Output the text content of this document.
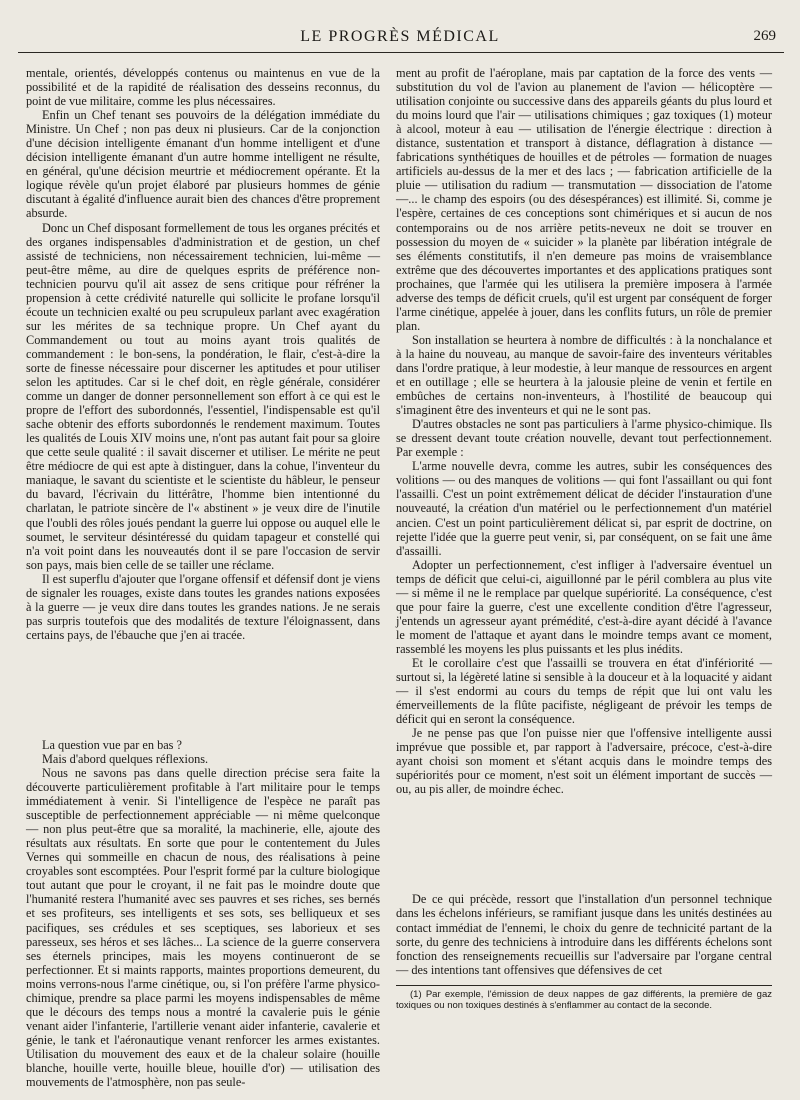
LE PROGRÈS MÉDICAL	269

mentale, orientés, développés contenus ou maintenus en vue de la possibilité et de la rapidité de réalisation des desseins reconnus, du point de vue militaire, comme les plus nécessaires.

Enfin un Chef tenant ses pouvoirs de la délégation immédiate du Ministre. Un Chef ; non pas deux ni plusieurs. Car de la conjonction d'une décision intelligente émanant d'un homme intelligent et d'une décision intelligente émanant d'un autre homme intelligent ne résulte, en général, qu'une décision meurtrie et médiocrement opérante. Et la logique révèle qu'un projet élaboré par plusieurs hommes de génie discutant à égalité d'influence aurait bien des chances d'être proprement absurde.

Donc un Chef disposant formellement de tous les organes précités et des organes indispensables d'administration et de gestion, un chef assisté de techniciens, non nécessairement technicien, lui-même — peut-être même, au dire de quelques esprits de préférence non-technicien pourvu qu'il ait assez de sens critique pour réfréner la propension à cette crédivité naturelle qui sollicite le profane lorsqu'il écoute un technicien exalté ou peu scrupuleux parlant avec exagération sur les mérites de sa technique propre. Un Chef ayant du Commandement ou tout au moins ayant trois qualités de commandement : le bon-sens, la pondération, le flair, c'est-à-dire la sorte de finesse nécessaire pour discerner les aptitudes et pour utiliser selon les aptitudes. Car si le chef doit, en règle générale, considérer comme un danger de donner personnellement son effort à ce qui est le propre de l'effort des subordonnés, l'essentiel, l'indispensable est qu'il sache obtenir des efforts subordonnés le rendement maximum. Toutes les qualités de Louis XIV moins une, n'ont pas autant fait pour sa gloire que cette seule qualité : il savait discerner et utiliser. Le mérite ne peut être médiocre de qui est apte à distinguer, dans la cohue, l'inventeur du maniaque, le savant du scientiste et le scientiste du hâbleur, le penseur du bavard, l'écrivain du littérâtre, l'homme bien intentionné du charlatan, le patriote sincère de l'« abstinent » je veux dire de l'inutile que l'oubli des rôles joués pendant la guerre lui oppose ou auquel elle le soumet, le serviteur désintéressé du quidam tapageur et constellé qui n'a voit point dans les nouveautés dont il se pare l'occasion de servir son pays, mais bien celle de se tailler une réclame.

Il est superflu d'ajouter que l'organe offensif et défensif dont je viens de signaler les rouages, existe dans toutes les grandes nations exposées à la guerre — je veux dire dans toutes les grandes nations. Je ne serais pas surpris toutefois que des modalités de texture l'éloignassent, dans certains pays, de l'ébauche que j'en ai tracée.

La question vue par en bas ?

Mais d'abord quelques réflexions.

Nous ne savons pas dans quelle direction précise sera faite la découverte particulièrement profitable à l'art militaire pour le temps immédiatement à venir. Si l'intelligence de l'espèce ne paraît pas susceptible de perfectionnement appréciable — ni même quelconque — non plus peut-être que sa moralité, la machinerie, elle, ajoute des résultats aux résultats. En sorte que pour le contentement du Jules Vernes qui sommeille en chacun de nous, des réalisations à peine croyables sont escomptées. Pour l'esprit formé par la culture biologique tout autant que pour le croyant, il ne fait pas le moindre doute que l'humanité restera l'humanité avec ses pauvres et ses riches, ses bernés et ses profiteurs, ses intelligents et ses sots, ses belliqueux et ses pacifiques, ses crédules et ses sceptiques, ses laborieux et ses paresseux, ses héros et ses lâches... La science de la guerre conservera ses éternels principes, mais les moyens continueront de se perfectionner. Et si maints rapports, maintes proportions demeurent, du moins verrons-nous l'arme cinétique, ou, si l'on préfère l'arme physico-chimique, prendre sa place parmi les moyens indispensables de même que le décours des temps nous a montré la cavalerie puis le génie venant aider l'infanterie, l'artillerie venant aider infanterie, cavalerie et génie, le tank et l'aéronautique venant renforcer les armes existantes. Utilisation du mouvement des eaux et de la chaleur solaire (houille blanche, houille verte, houille bleue, houille d'or) — utilisation des mouvements de l'atmosphère, non pas seule-

ment au profit de l'aéroplane, mais par captation de la force des vents — substitution du vol de l'avion au planement de l'avion — hélicoptère — utilisation conjointe ou successive dans des appareils géants du plus lourd et du moins lourd que l'air — utilisations chimiques ; gaz toxiques (1) moteur à alcool, moteur à eau — utilisation de l'énergie électrique : direction à distance, sustentation et transport à distance, déflagration à distance — fabrications synthétiques de houilles et de pétroles — formation de nuages artificiels au-dessus de la mer et des lacs ; — fabrication artificielle de la pluie — utilisation du radium — transmutation — dissociation de l'atome —... le champ des espoirs (ou des désespérances) est illimité. Si, comme je l'espère, certaines de ces conceptions sont chimériques et si aucun de nos contemporains ou de nos arrière petits-neveux ne doit se trouver en possession du moyen de « suicider » la planète par libération intégrale de ses éléments constitutifs, il n'en demeure pas moins de vraisemblance extrême que des découvertes importantes et des applications pratiques sont prochaines, que l'armée qui les utilisera la première imposera à l'armée adverse des temps de déficit cruels, qu'il est urgent par conséquent de forger l'arme cinétique, appelée à jouer, dans les conflits futurs, un rôle de premier plan.

Son installation se heurtera à nombre de difficultés : à la nonchalance et à la haine du nouveau, au manque de savoir-faire des inventeurs véritables dans l'ordre pratique, à leur modestie, à leur manque de ressources en argent et en outillage ; elle se heurtera à la jalousie pleine de venin et fertile en embûches de certains non-inventeurs, à l'hostilité de beaucoup qui s'imaginent être des inventeurs et qui ne le sont pas.

D'autres obstacles ne sont pas particuliers à l'arme physico-chimique. Ils se dressent devant toute création nouvelle, devant tout perfectionnement. Par exemple :

L'arme nouvelle devra, comme les autres, subir les conséquences des volitions — ou des manques de volitions — qui font l'assaillant ou qui font l'assailli. C'est un point extrêmement délicat de décider l'instauration d'une nouveauté, la création d'un matériel ou le perfectionnement d'un matériel ancien. C'est un point particulièrement délicat si, par esprit de doctrine, on rejette l'idée que la guerre peut venir, si, par conséquent, on se fait une âme d'assailli.

Adopter un perfectionnement, c'est infliger à l'adversaire éventuel un temps de déficit que celui-ci, aiguillonné par le péril comblera au plus vite — si même il ne le remplace par quelque supériorité. La conséquence, c'est que pour faire la guerre, c'est une excellente condition d'être l'agresseur, j'entends un agresseur ayant prémédité, c'est-à-dire ayant décidé à l'avance le moment de l'attaque et ayant dans le moindre temps avant ce moment, rassemblé les moyens les plus puissants et les plus inédits.

Et le corollaire c'est que l'assailli se trouvera en état d'infériorité — surtout si, la légèreté latine si sensible à la douceur et à la loquacité y aidant — il s'est endormi au cours du temps de répit que lui ont valu les émerveillements de la flûte pacifiste, négligeant de prévoir les temps de déficit qui en seront la conséquence.

Je ne pense pas que l'on puisse nier que l'offensive intelligente aussi imprévue que possible et, par rapport à l'adversaire, précoce, c'est-à-dire ayant choisi son moment et s'étant acquis dans le moindre temps des supériorités pour ce moment, n'est soit un élément important de succès — ou, au pis aller, de moindre échec.

De ce qui précède, ressort que l'installation d'un personnel technique dans les échelons inférieurs, se ramifiant jusque dans les unités destinées au contact immédiat de l'ennemi, le choix du genre de technicité partant de la sorte, du genre des techniciens à introduire dans les différents échelons sont fonction des renseignements recueillis sur l'adversaire par l'organe central — des intentions tant offensives que défensives de cet

(1) Par exemple, l'émission de deux nappes de gaz différents, la première de gaz toxiques ou non toxiques destinés à s'enflammer au contact de la seconde.
